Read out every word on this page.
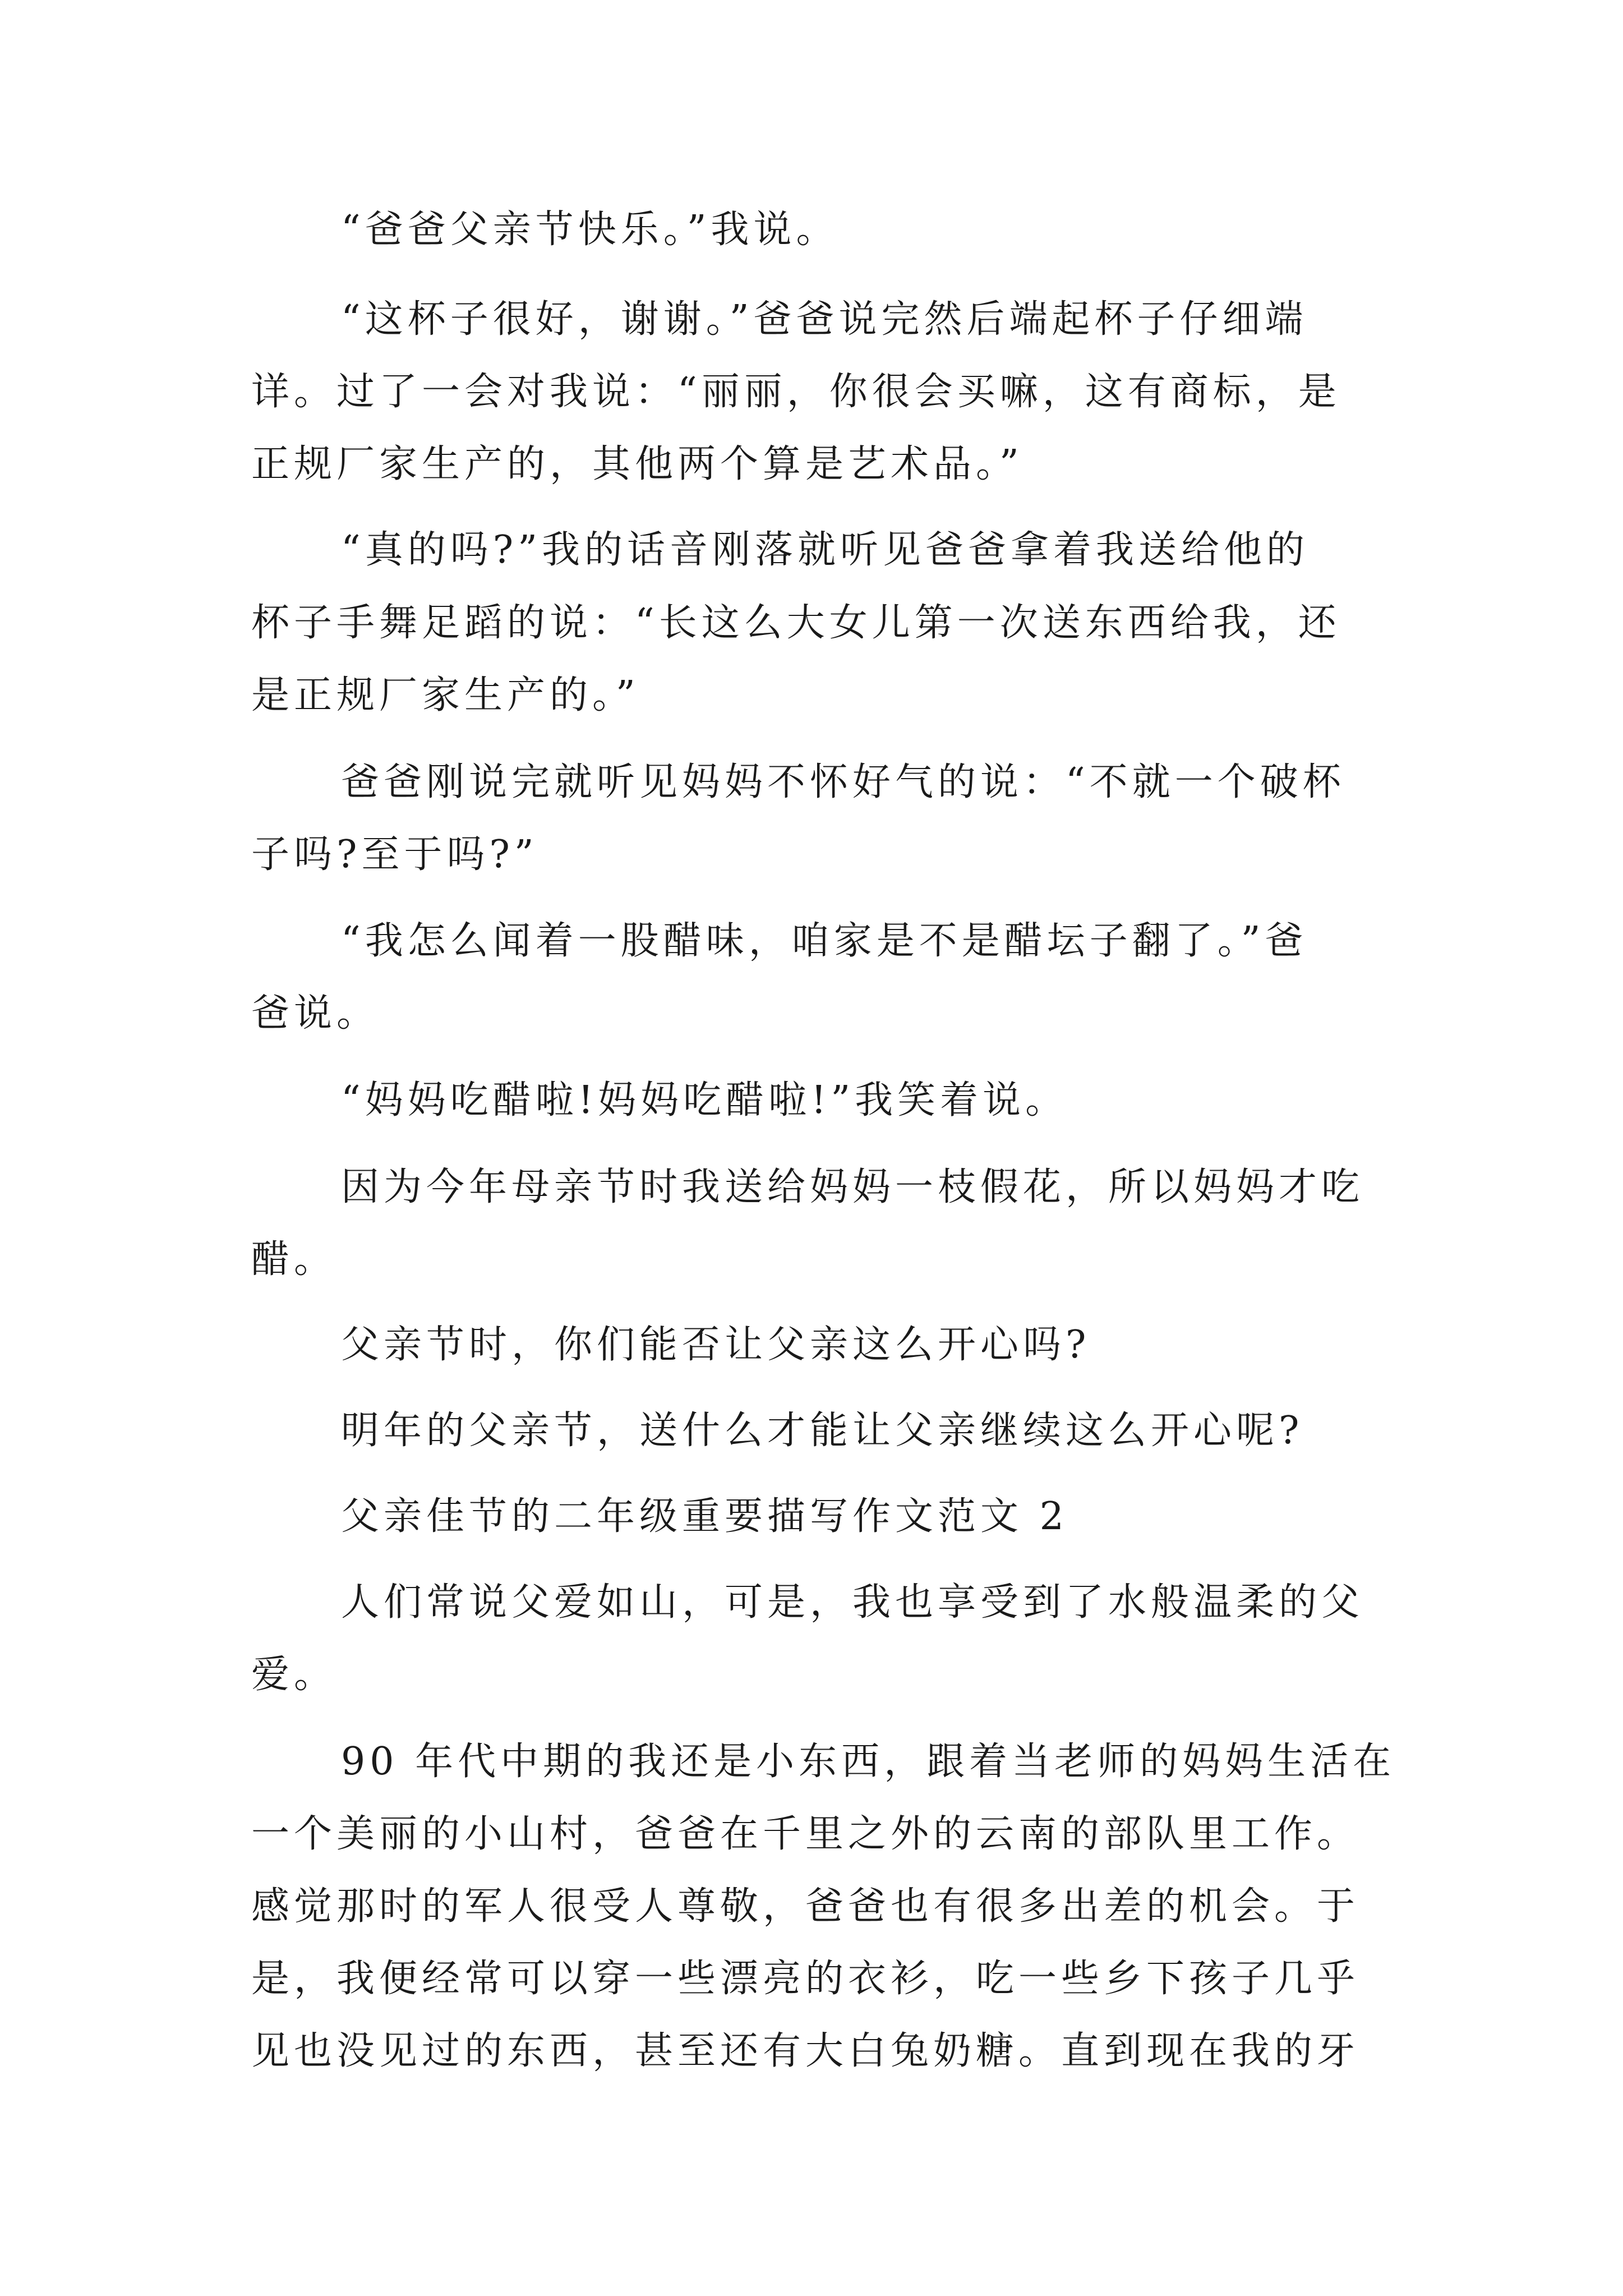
“爸爸父亲节快乐。”我说。
“这杯子很好，谢谢。”爸爸说完然后端起杯子仔细端
详。过了一会对我说：“丽丽，你很会买嘛，这有商标，是
正规厂家生产的，其他两个算是艺术品。”
“真的吗?”我的话音刚落就听见爸爸拿着我送给他的
杯子手舞足蹈的说：“长这么大女儿第一次送东西给我，还
是正规厂家生产的。”
爸爸刚说完就听见妈妈不怀好气的说：“不就一个破杯
子吗?至于吗?”
“我怎么闻着一股醋味，咱家是不是醋坛子翻了。”爸
爸说。
“妈妈吃醋啦!妈妈吃醋啦!”我笑着说。
因为今年母亲节时我送给妈妈一枝假花，所以妈妈才吃
醋。
父亲节时，你们能否让父亲这么开心吗?
明年的父亲节，送什么才能让父亲继续这么开心呢?
父亲佳节的二年级重要描写作文范文 2
人们常说父爱如山，可是，我也享受到了水般温柔的父
爱。
90 年代中期的我还是小东西，跟着当老师的妈妈生活在
一个美丽的小山村，爸爸在千里之外的云南的部队里工作。
感觉那时的军人很受人尊敬，爸爸也有很多出差的机会。于
是，我便经常可以穿一些漂亮的衣衫，吃一些乡下孩子几乎
见也没见过的东西，甚至还有大白兔奶糖。直到现在我的牙
